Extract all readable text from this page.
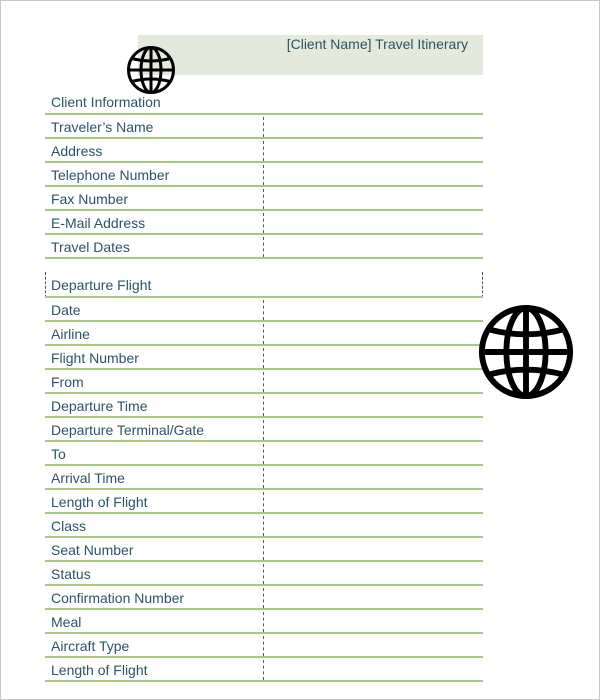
[Client Name] Travel Itinerary
Client Information
Traveler’s Name
Address
Telephone Number
Fax Number
E-Mail Address
Travel Dates
Departure Flight
Date
Airline
Flight Number
From
Departure Time
Departure Terminal/Gate
To
Arrival Time
Length of Flight
Class
Seat Number
Status
Confirmation Number
Meal
Aircraft Type
Length of Flight
